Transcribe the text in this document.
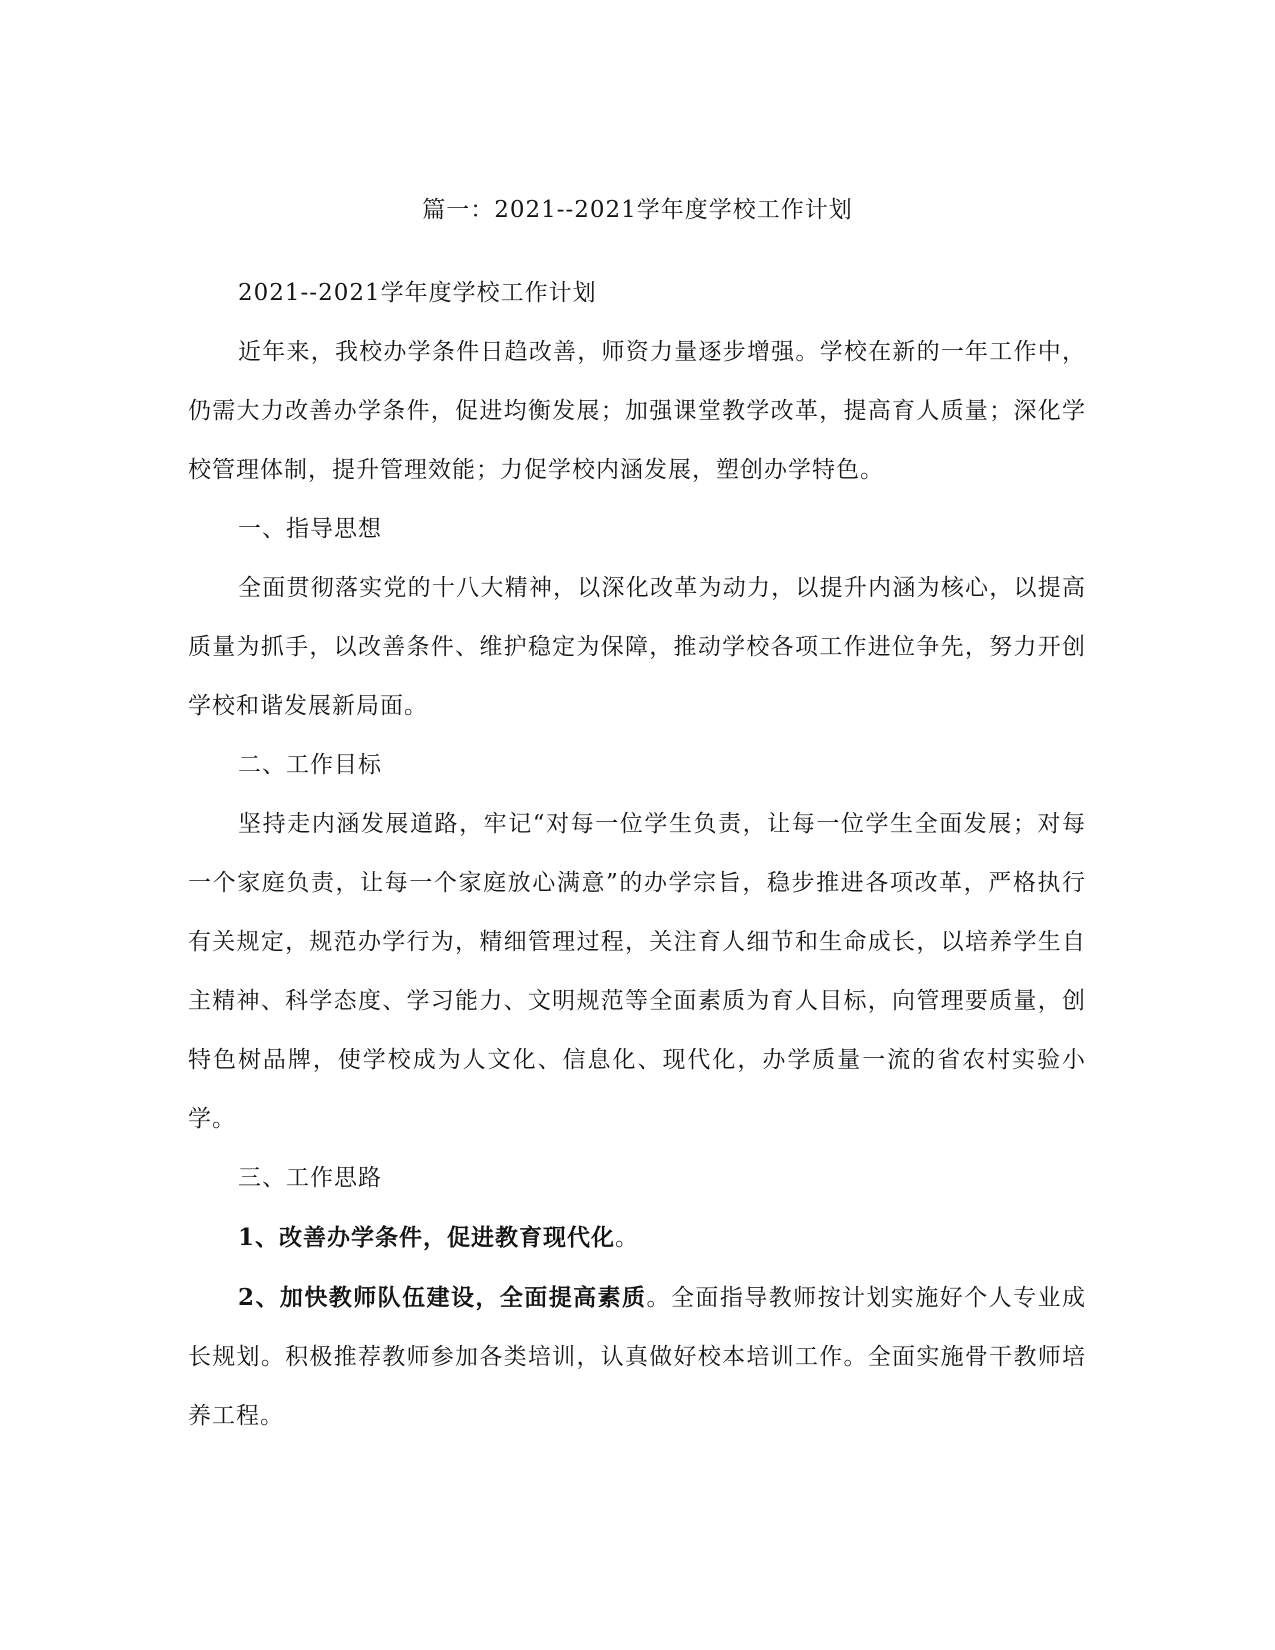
篇一：2021--2021学年度学校工作计划

2021--2021学年度学校工作计划

近年来，我校办学条件日趋改善，师资力量逐步增强。学校在新的一年工作中，仍需大力改善办学条件，促进均衡发展；加强课堂教学改革，提高育人质量；深化学校管理体制，提升管理效能；力促学校内涵发展，塑创办学特色。

一、指导思想

全面贯彻落实党的十八大精神，以深化改革为动力，以提升内涵为核心，以提高质量为抓手，以改善条件、维护稳定为保障，推动学校各项工作进位争先，努力开创学校和谐发展新局面。

二、工作目标

坚持走内涵发展道路，牢记“对每一位学生负责，让每一位学生全面发展；对每一个家庭负责，让每一个家庭放心满意”的办学宗旨，稳步推进各项改革，严格执行有关规定，规范办学行为，精细管理过程，关注育人细节和生命成长，以培养学生自主精神、科学态度、学习能力、文明规范等全面素质为育人目标，向管理要质量，创特色树品牌，使学校成为人文化、信息化、现代化，办学质量一流的省农村实验小学。

三、工作思路

1、改善办学条件，促进教育现代化。

2、加快教师队伍建设，全面提高素质。全面指导教师按计划实施好个人专业成长规划。积极推荐教师参加各类培训，认真做好校本培训工作。全面实施骨干教师培养工程。
